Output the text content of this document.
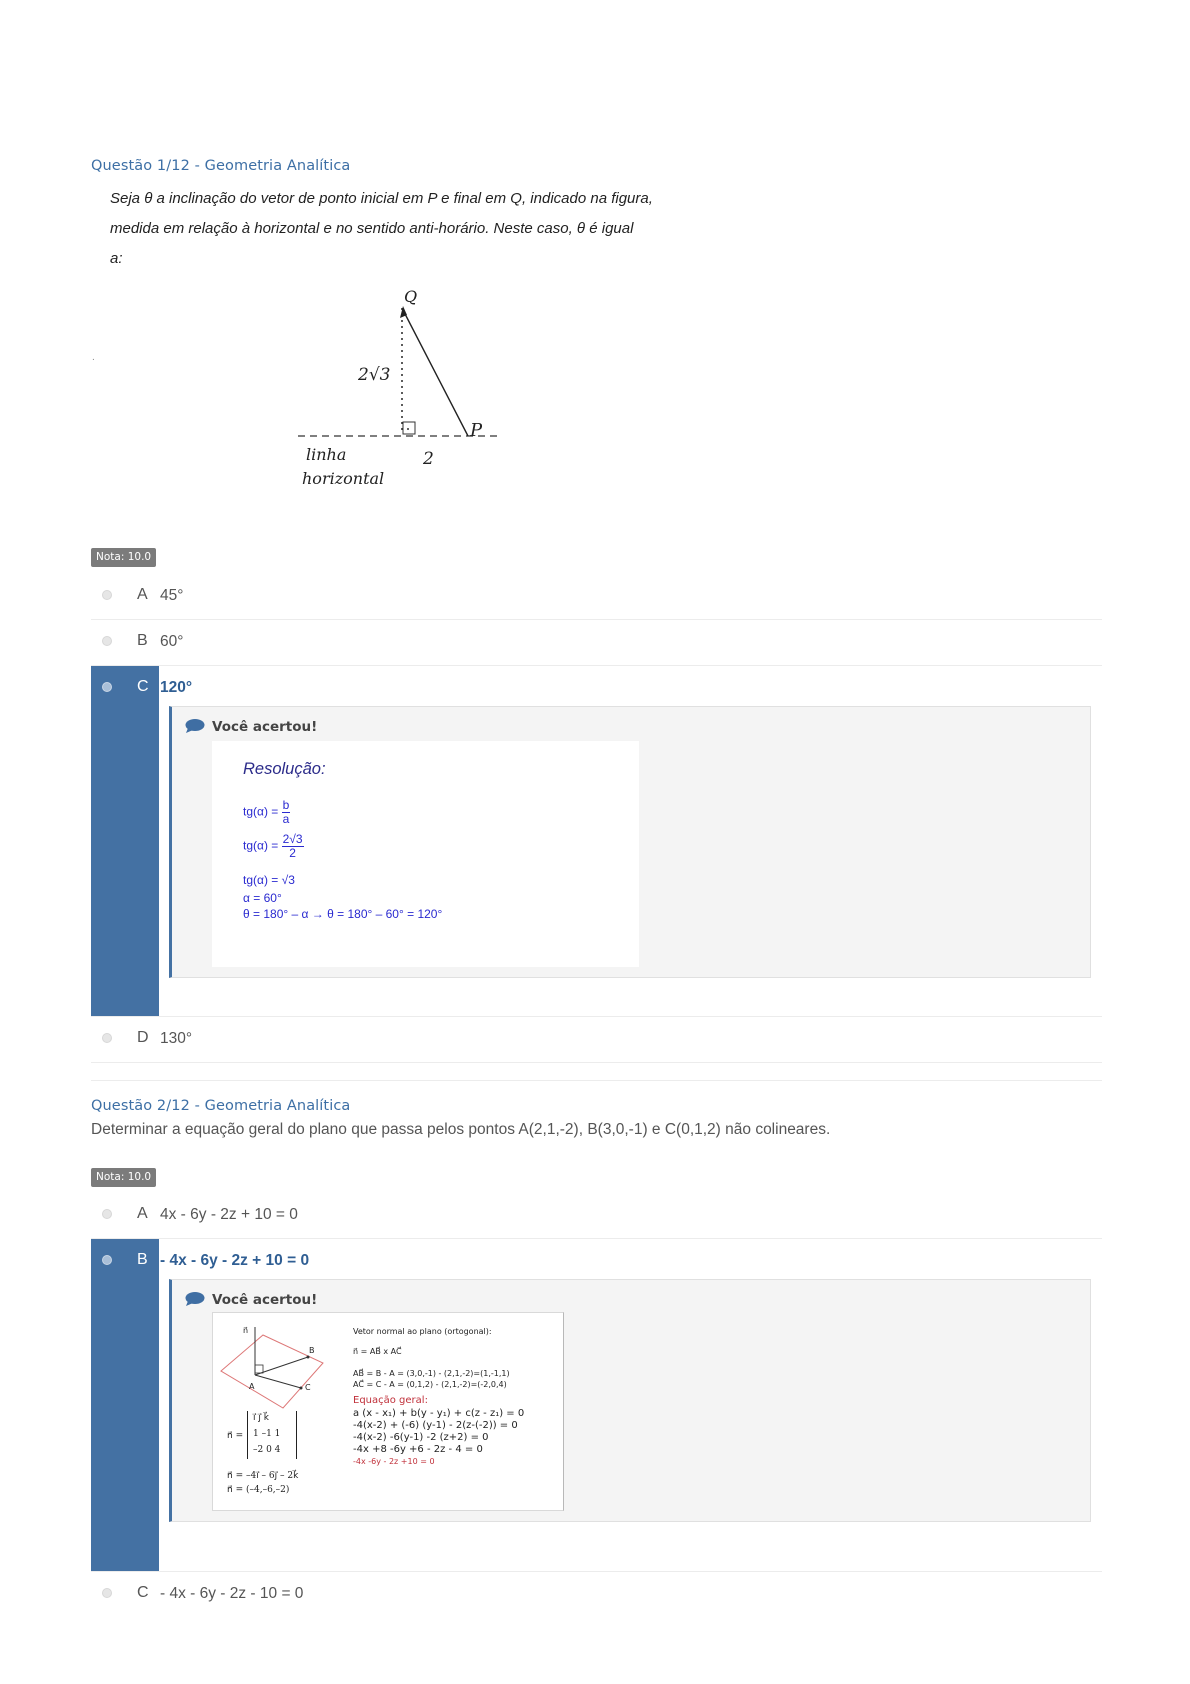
Questão 1/12 - Geometria Analítica
Seja θ a inclinação do vetor de ponto inicial em P e final em Q, indicado na figura,
medida em relação à horizontal e no sentido anti-horário. Neste caso, θ é igual
a:
.
Q
P
2√3
2
linha
horizontal
Nota: 10.0
A 45°
B 60°
C 120°
Você acertou!
Resolução:
$tg(\alpha) = \frac{b}{a}$
$tg(\alpha) = \frac{2√3}{2}$
tg(α) = √3
α = 60°
θ = 180° – α → θ = 180° – 60° = 120°
D 130°
Questão 2/12 - Geometria Analítica
Determinar a equação geral do plano que passa pelos pontos A(2,1,-2), B(3,0,-1) e C(0,1,2) não colineares.
Nota: 10.0
A 4x - 6y - 2z + 10 = 0
B - 4x - 6y - 2z + 10 = 0
Você acertou!
n⃗
A
B
C
n⃗ =
i⃗ j⃗ k⃗
1 –1 1
–2 0 4
n⃗ = –4i⃗ – 6j⃗ – 2k⃗
n⃗ = (–4,–6,–2)
Vetor normal ao plano (ortogonal):
n⃗ = AB⃗ x AC⃗
AB⃗ = B - A = (3,0,-1) - (2,1,-2)=(1,-1,1)
AC⃗ = C - A = (0,1,2) - (2,1,-2)=(-2,0,4)
Equação geral:
a (x - x₁) + b(y - y₁) + c(z - z₁) = 0
-4(x-2) + (-6) (y-1) - 2(z-(-2)) = 0
-4(x-2) -6(y-1) -2 (z+2) = 0
-4x +8 -6y +6 - 2z - 4 = 0
-4x -6y - 2z +10 = 0
C - 4x - 6y - 2z - 10 = 0
